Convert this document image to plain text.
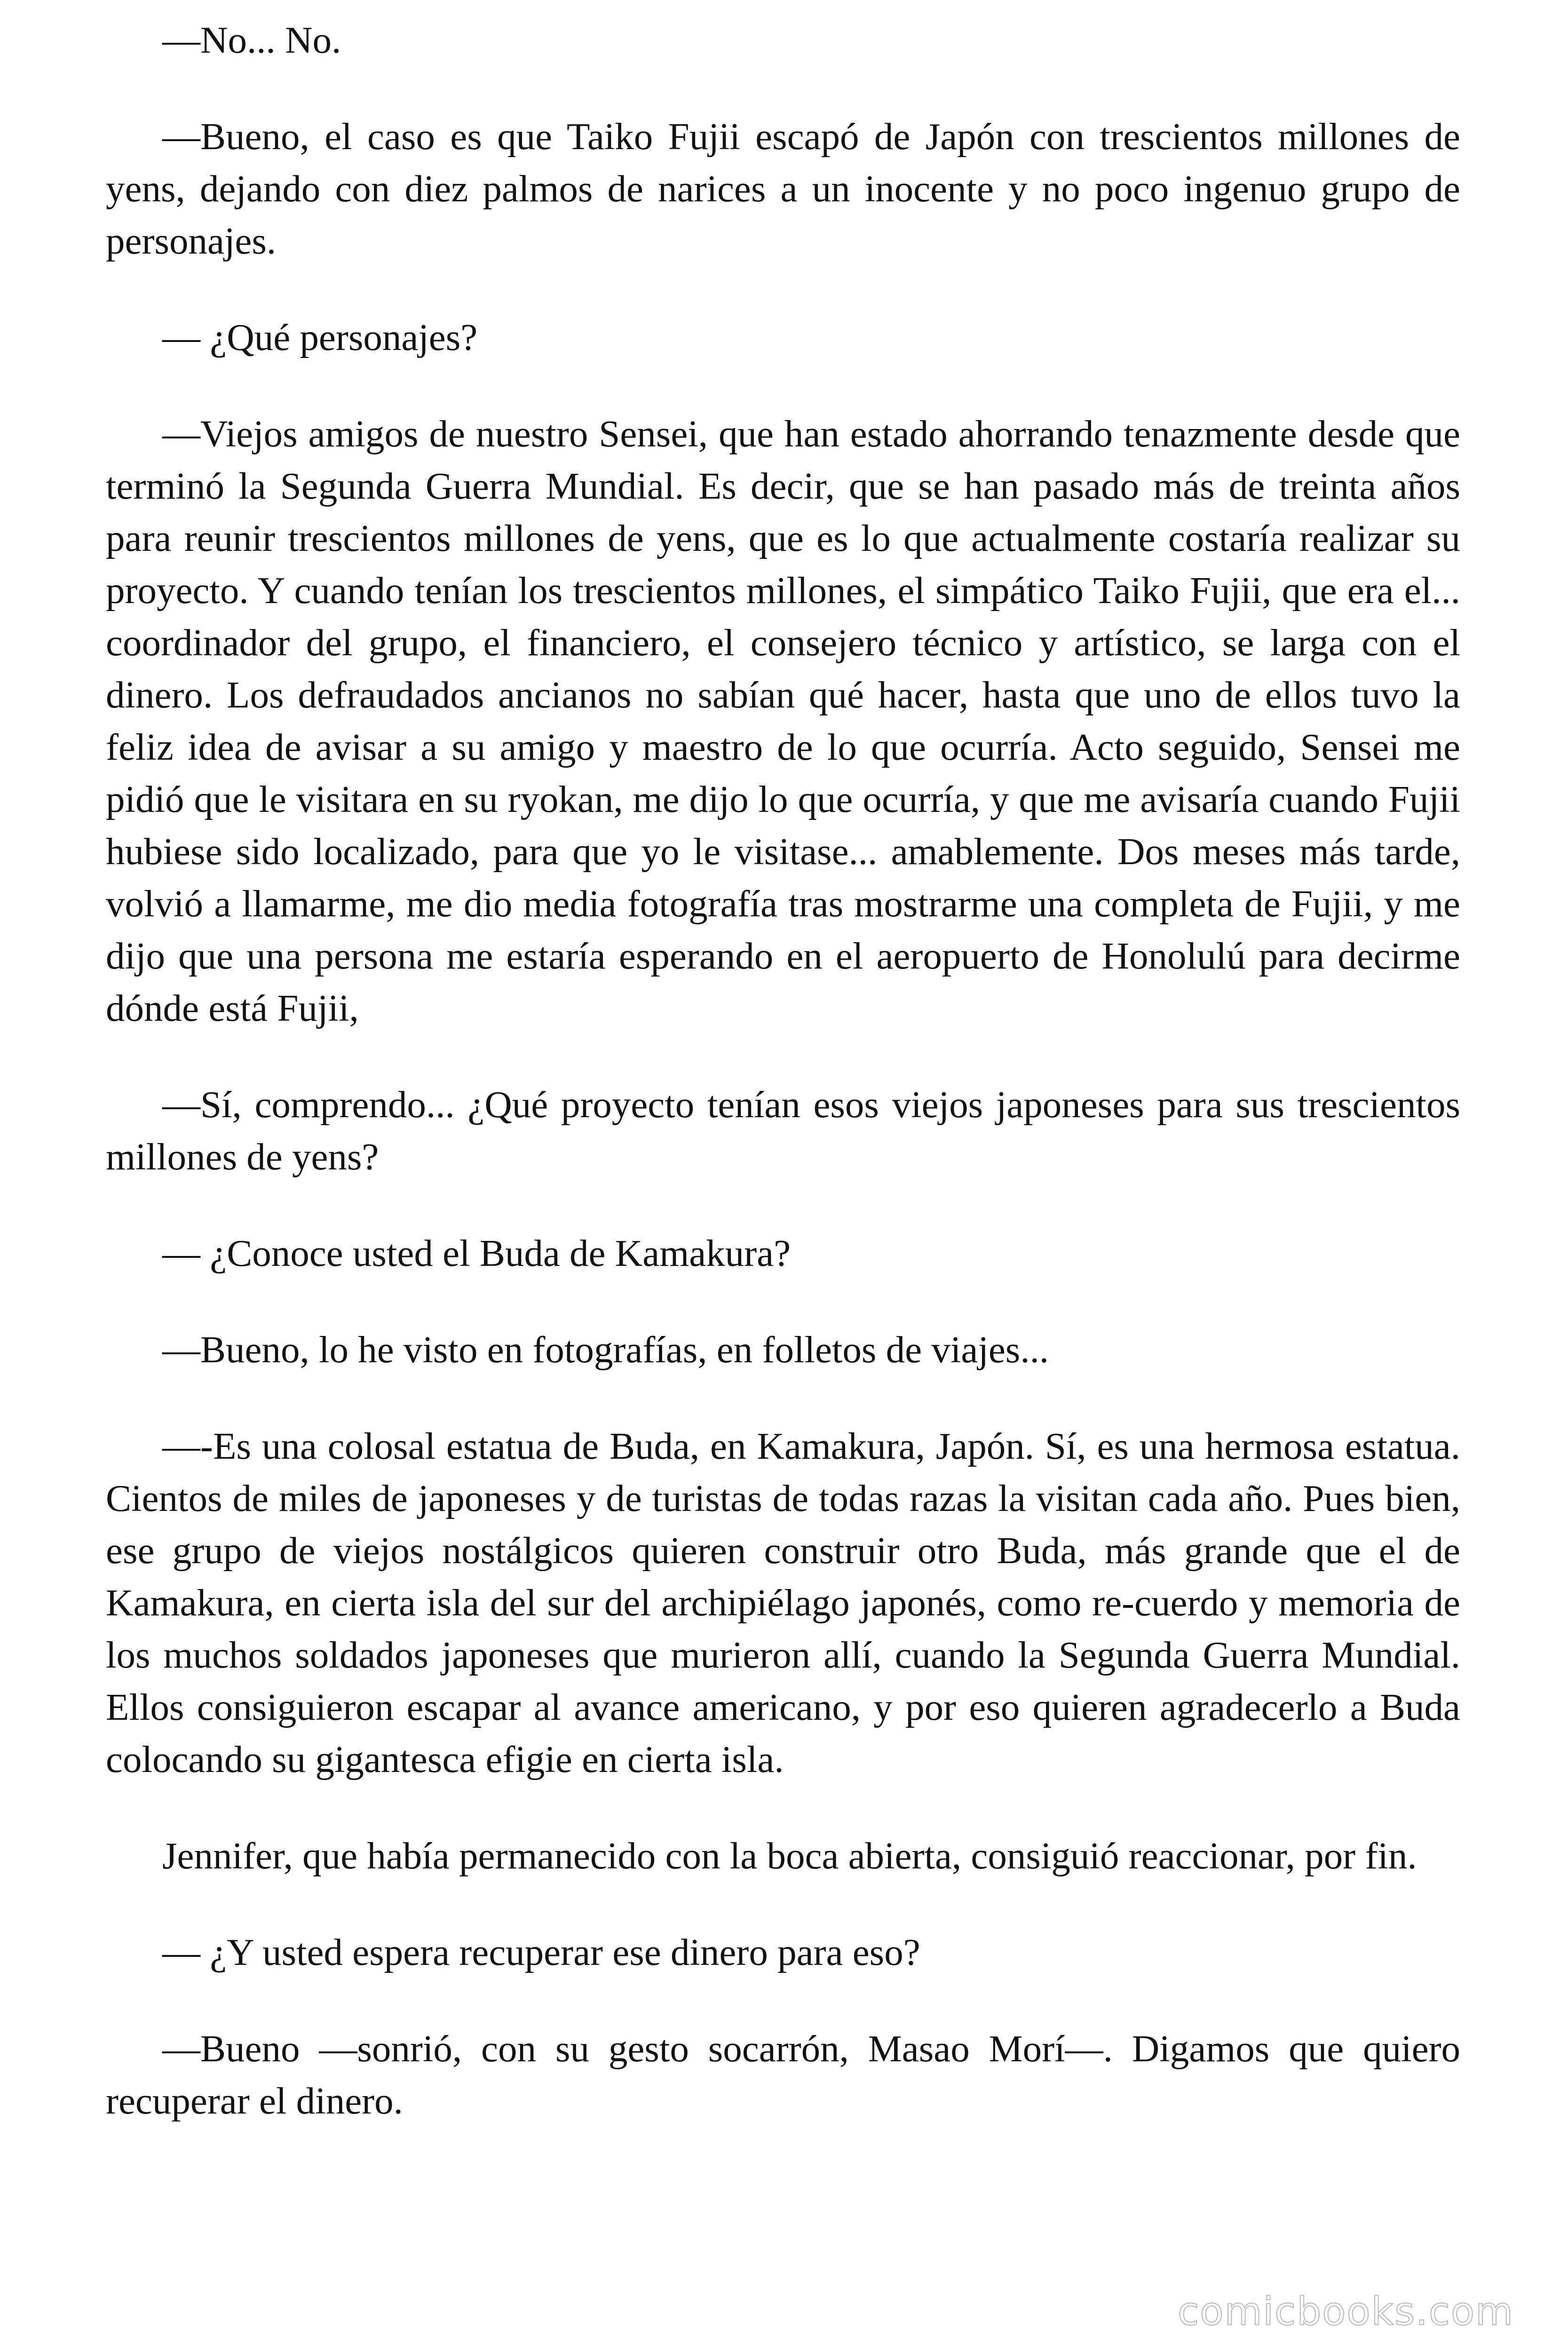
—No... No.

—Bueno, el caso es que Taiko Fujii escapó de Japón con trescientos millones de yens, dejando con diez palmos de narices a un inocente y no poco ingenuo grupo de personajes.

— ¿Qué personajes?

—Viejos amigos de nuestro Sensei, que han estado ahorrando tenazmente desde que terminó la Segunda Guerra Mundial. Es decir, que se han pasado más de treinta años para reunir trescientos millones de yens, que es lo que actualmente costaría realizar su proyecto. Y cuando tenían los trescientos millones, el simpático Taiko Fujii, que era el... coordinador del grupo, el financiero, el consejero técnico y artístico, se larga con el dinero. Los defraudados ancianos no sabían qué hacer, hasta que uno de ellos tuvo la feliz idea de avisar a su amigo y maestro de lo que ocurría. Acto seguido, Sensei me pidió que le visitara en su ryokan, me dijo lo que ocurría, y que me avisaría cuando Fujii hubiese sido localizado, para que yo le visitase... amablemente. Dos meses más tarde, volvió a llamarme, me dio media fotografía tras mostrarme una completa de Fujii, y me dijo que una persona me estaría esperando en el aeropuerto de Honolulú para decirme dónde está Fujii,

—Sí, comprendo... ¿Qué proyecto tenían esos viejos japoneses para sus trescientos millones de yens?

— ¿Conoce usted el Buda de Kamakura?

—Bueno, lo he visto en fotografías, en folletos de viajes...

—-Es una colosal estatua de Buda, en Kamakura, Japón. Sí, es una hermosa estatua. Cientos de miles de japoneses y de turistas de todas razas la visitan cada año. Pues bien, ese grupo de viejos nostálgicos quieren construir otro Buda, más grande que el de Kamakura, en cierta isla del sur del archipiélago japonés, como re-cuerdo y memoria de los muchos soldados japoneses que murieron allí, cuando la Segunda Guerra Mundial. Ellos consiguieron escapar al avance americano, y por eso quieren agradecerlo a Buda colocando su gigantesca efigie en cierta isla.

Jennifer, que había permanecido con la boca abierta, consiguió reaccionar, por fin.

— ¿Y usted espera recuperar ese dinero para eso?

—Bueno —sonrió, con su gesto socarrón, Masao Morí—. Digamos que quiero recuperar el dinero.

comicbooks.com
